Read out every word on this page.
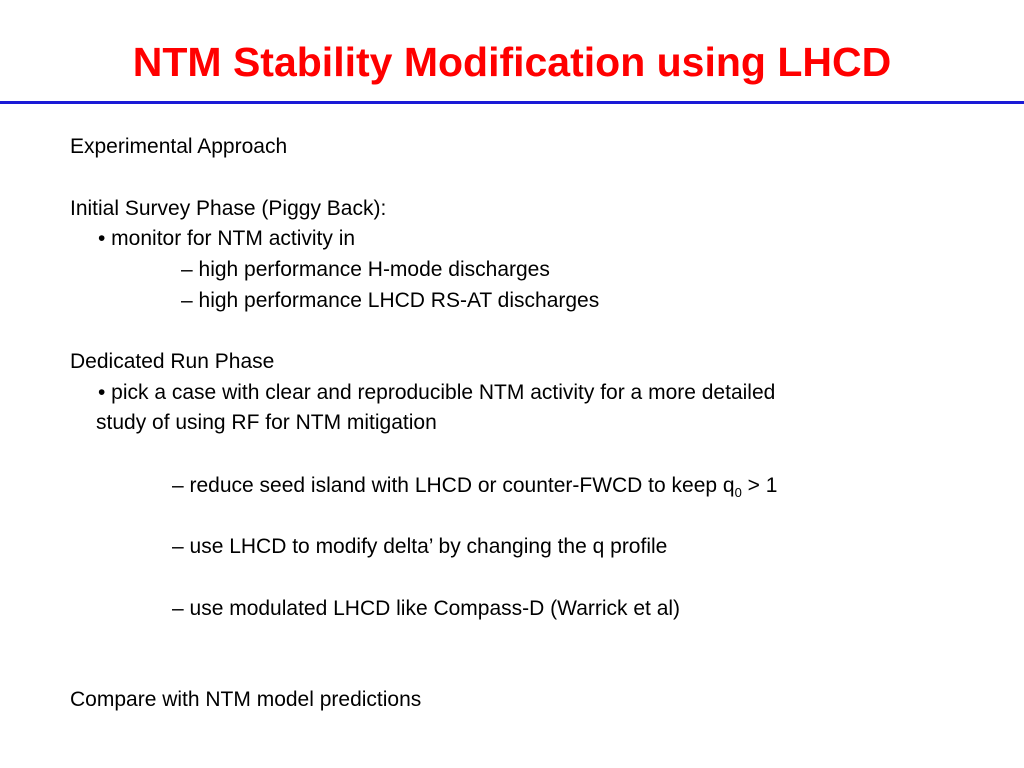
NTM Stability Modification using LHCD

Experimental Approach

Initial Survey Phase (Piggy Back):

• monitor for NTM activity in

– high performance H-mode discharges

– high performance LHCD RS-AT discharges

Dedicated Run Phase

• pick a case with clear and reproducible NTM activity for a more detailed

study of using RF for NTM mitigation

– reduce seed island with LHCD or counter-FWCD to keep $q_0 > 1$

– use LHCD to modify delta’ by changing the q profile

– use modulated LHCD like Compass-D (Warrick et al)

Compare with NTM model predictions
